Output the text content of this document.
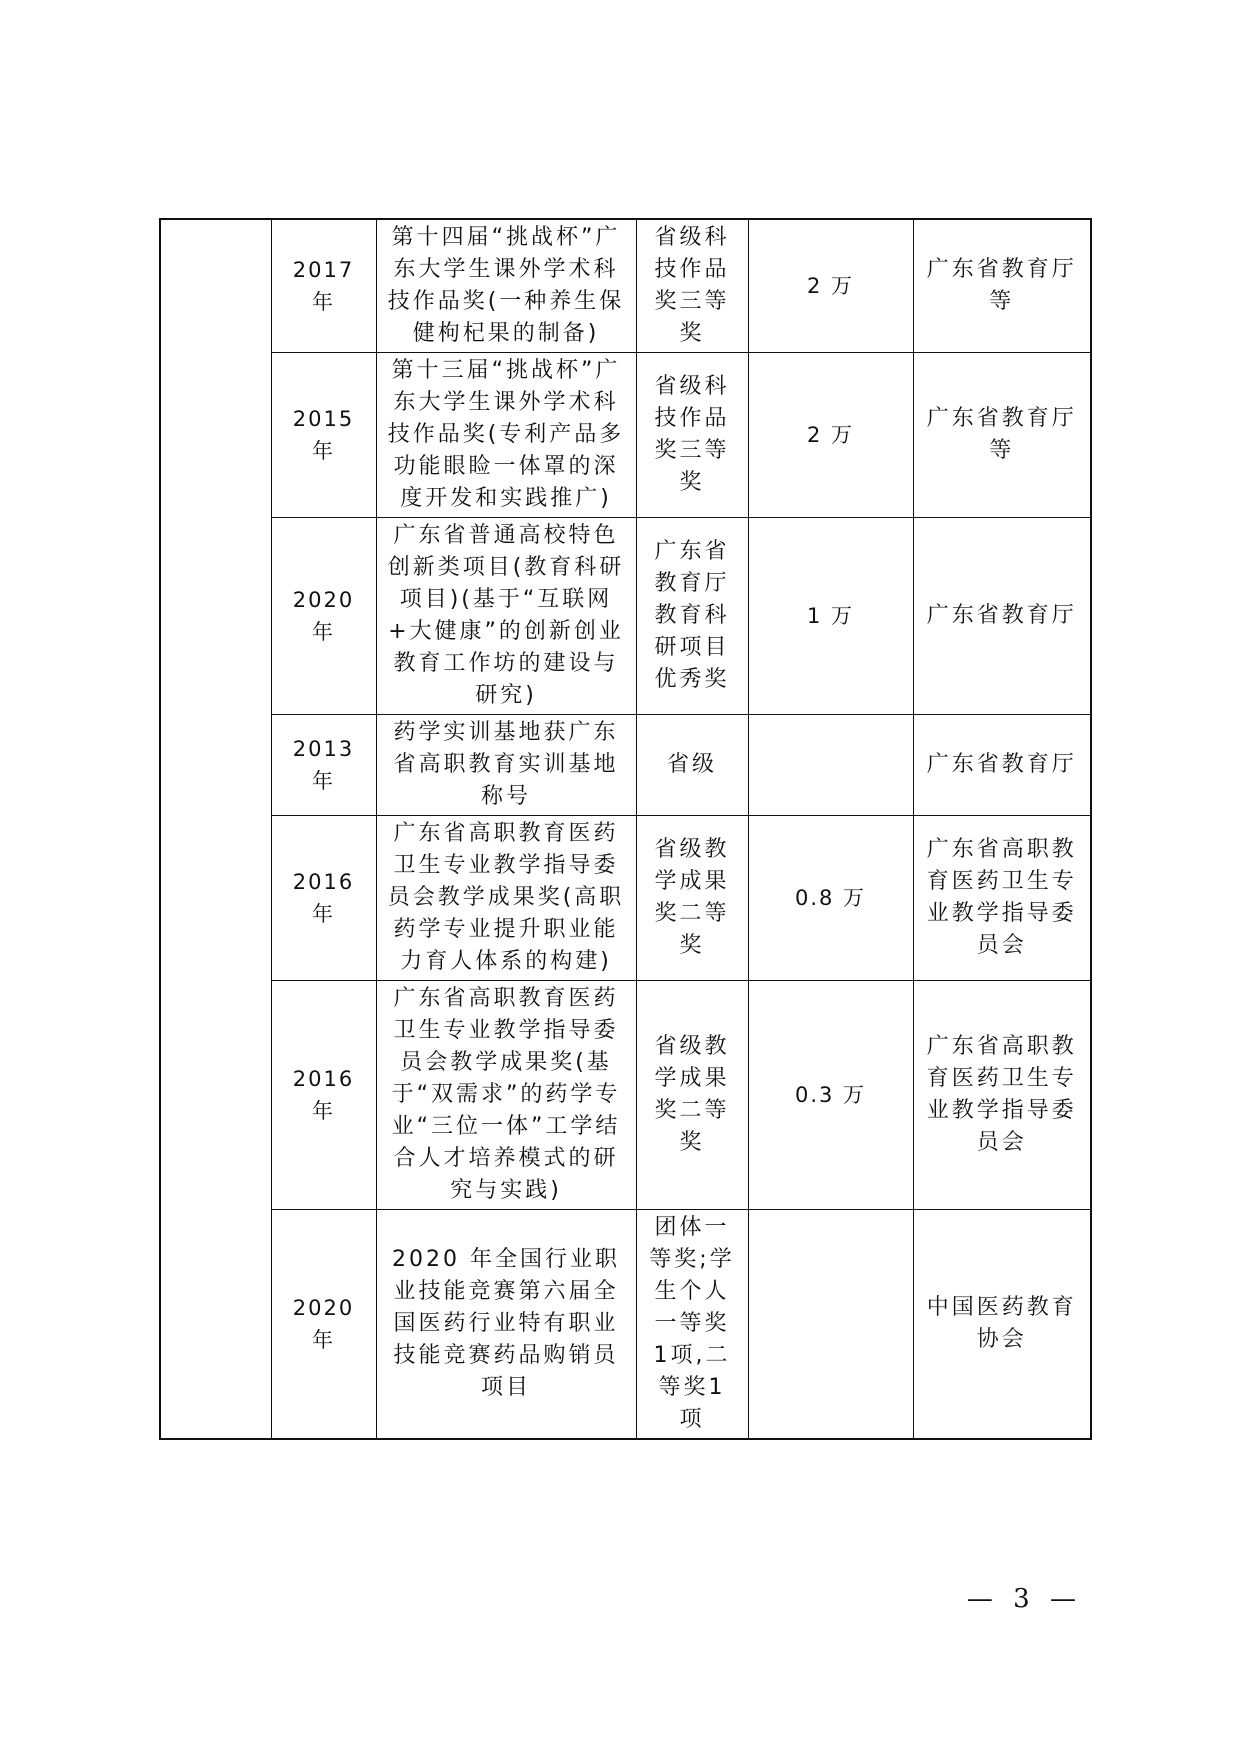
	2017 年	第十四届“挑战杯”广东大学生课外学术科技作品奖(一种养生保健枸杞果的制备)	省级科技作品奖三等奖	2 万	广东省教育厅等
	2015 年	第十三届“挑战杯”广东大学生课外学术科技作品奖(专利产品多功能眼睑一体罩的深度开发和实践推广)	省级科技作品奖三等奖	2 万	广东省教育厅等
	2020 年	广东省普通高校特色创新类项目(教育科研项目)(基于“互联网+大健康”的创新创业教育工作坊的建设与研究)	广东省教育厅教育科研项目优秀奖	1 万	广东省教育厅
	2013 年	药学实训基地获广东省高职教育实训基地称号	省级		广东省教育厅
	2016 年	广东省高职教育医药卫生专业教学指导委员会教学成果奖(高职药学专业提升职业能力育人体系的构建)	省级教学成果奖二等奖	0.8 万	广东省高职教育医药卫生专业教学指导委员会
	2016 年	广东省高职教育医药卫生专业教学指导委员会教学成果奖(基于“双需求”的药学专业“三位一体”工学结合人才培养模式的研究与实践)	省级教学成果奖二等奖	0.3 万	广东省高职教育医药卫生专业教学指导委员会
	2020 年	2020 年全国行业职业技能竞赛第六届全国医药行业特有职业技能竞赛药品购销员项目	团体一等奖;学生个人一等奖1项,二等奖1项		中国医药教育协会
— 3 —
